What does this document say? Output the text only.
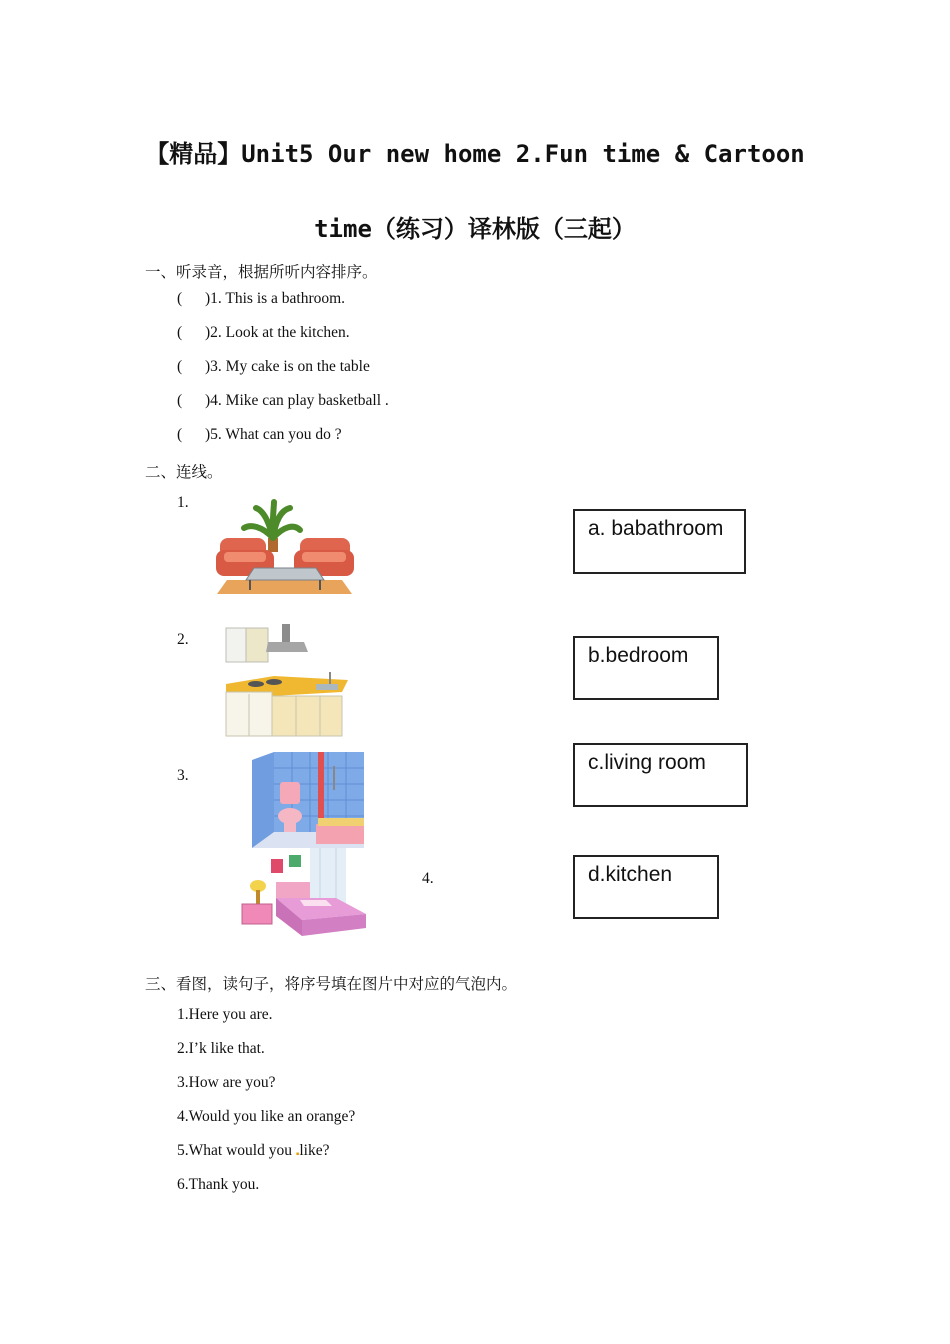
【精品】Unit5 Our new home 2.Fun time & Cartoon
time（练习）译林版（三起）
一、听录音，根据所听内容排序。
( )1. This is a bathroom.
( )2. Look at the kitchen.
( )3. My cake is on the table
( )4. Mike can play basketball .
( )5. What can you do ?
二、连线。
1.
2.
3.
4.
a. babathroom
b.bedroom
c.living room
d.kitchen
三、看图，读句子，将序号填在图片中对应的气泡内。
1.Here you are.
2.I’k like that.
3.How are you?
4.Would you like an orange?
5.What would you ▪like?
6.Thank you.
